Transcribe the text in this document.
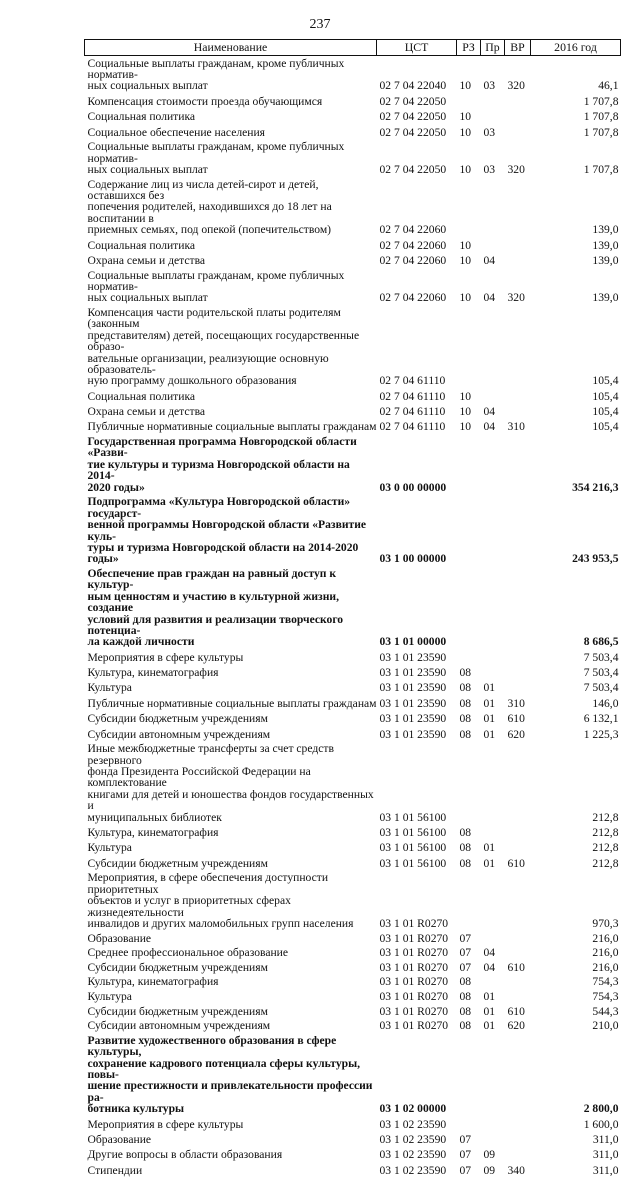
237
Наименование	ЦСТ	РЗ	Пр	ВР	2016 год
Социальные выплаты гражданам, кроме публичных норматив-
ных социальных выплат	02 7 04 22040	10	03	320	46,1
Компенсация стоимости проезда обучающимся	02 7 04 22050				1 707,8
Социальная политика	02 7 04 22050	10			1 707,8
Социальное обеспечение населения	02 7 04 22050	10	03		1 707,8
Социальные выплаты гражданам, кроме публичных норматив-
ных социальных выплат	02 7 04 22050	10	03	320	1 707,8
Содержание лиц из числа детей-сирот и детей, оставшихся без
попечения родителей, находившихся до 18 лет на воспитании в
приемных семьях, под опекой (попечительством)	02 7 04 22060				139,0
Социальная политика	02 7 04 22060	10			139,0
Охрана семьи и детства	02 7 04 22060	10	04		139,0
Социальные выплаты гражданам, кроме публичных норматив-
ных социальных выплат	02 7 04 22060	10	04	320	139,0
Компенсация части родительской платы родителям (законным
представителям) детей, посещающих государственные образо-
вательные организации, реализующие основную образователь-
ную программу дошкольного образования	02 7 04 61110				105,4
Социальная политика	02 7 04 61110	10			105,4
Охрана семьи и детства	02 7 04 61110	10	04		105,4
Публичные нормативные социальные выплаты гражданам	02 7 04 61110	10	04	310	105,4
Государственная программа Новгородской области «Разви-
тие культуры и туризма Новгородской области на 2014-
2020 годы»	03 0 00 00000				354 216,3
Подпрограмма «Культура Новгородской области» государст-
венной программы Новгородской области «Развитие куль-
туры и туризма Новгородской области на 2014-2020 годы»	03 1 00 00000				243 953,5
Обеспечение прав граждан на равный доступ к культур-
ным ценностям и участию в культурной жизни, создание
условий для развития и реализации творческого потенциа-
ла каждой личности	03 1 01 00000				8 686,5
Мероприятия в сфере культуры	03 1 01 23590				7 503,4
Культура, кинематография	03 1 01 23590	08			7 503,4
Культура	03 1 01 23590	08	01		7 503,4
Публичные нормативные социальные выплаты гражданам	03 1 01 23590	08	01	310	146,0
Субсидии бюджетным учреждениям	03 1 01 23590	08	01	610	6 132,1
Субсидии автономным учреждениям	03 1 01 23590	08	01	620	1 225,3
Иные межбюджетные трансферты за счет средств резервного
фонда Президента Российской Федерации на комплектование
книгами для детей и юношества фондов государственных и
муниципальных библиотек	03 1 01 56100				212,8
Культура, кинематография	03 1 01 56100	08			212,8
Культура	03 1 01 56100	08	01		212,8
Субсидии бюджетным учреждениям	03 1 01 56100	08	01	610	212,8
Мероприятия, в сфере обеспечения доступности приоритетных
объектов и услуг в приоритетных сферах жизнедеятельности
инвалидов и других маломобильных групп населения	03 1 01 R0270				970,3
Образование	03 1 01 R0270	07			216,0
Среднее профессиональное образование	03 1 01 R0270	07	04		216,0
Субсидии бюджетным учреждениям	03 1 01 R0270	07	04	610	216,0
Культура, кинематография	03 1 01 R0270	08			754,3
Культура	03 1 01 R0270	08	01		754,3
Субсидии бюджетным учреждениям	03 1 01 R0270	08	01	610	544,3
Субсидии автономным учреждениям	03 1 01 R0270	08	01	620	210,0
Развитие художественного образования в сфере культуры,
сохранение кадрового потенциала сферы культуры, повы-
шение престижности и привлекательности профессии ра-
ботника культуры	03 1 02 00000				2 800,0
Мероприятия в сфере культуры	03 1 02 23590				1 600,0
Образование	03 1 02 23590	07			311,0
Другие вопросы в области образования	03 1 02 23590	07	09		311,0
Стипендии	03 1 02 23590	07	09	340	311,0
